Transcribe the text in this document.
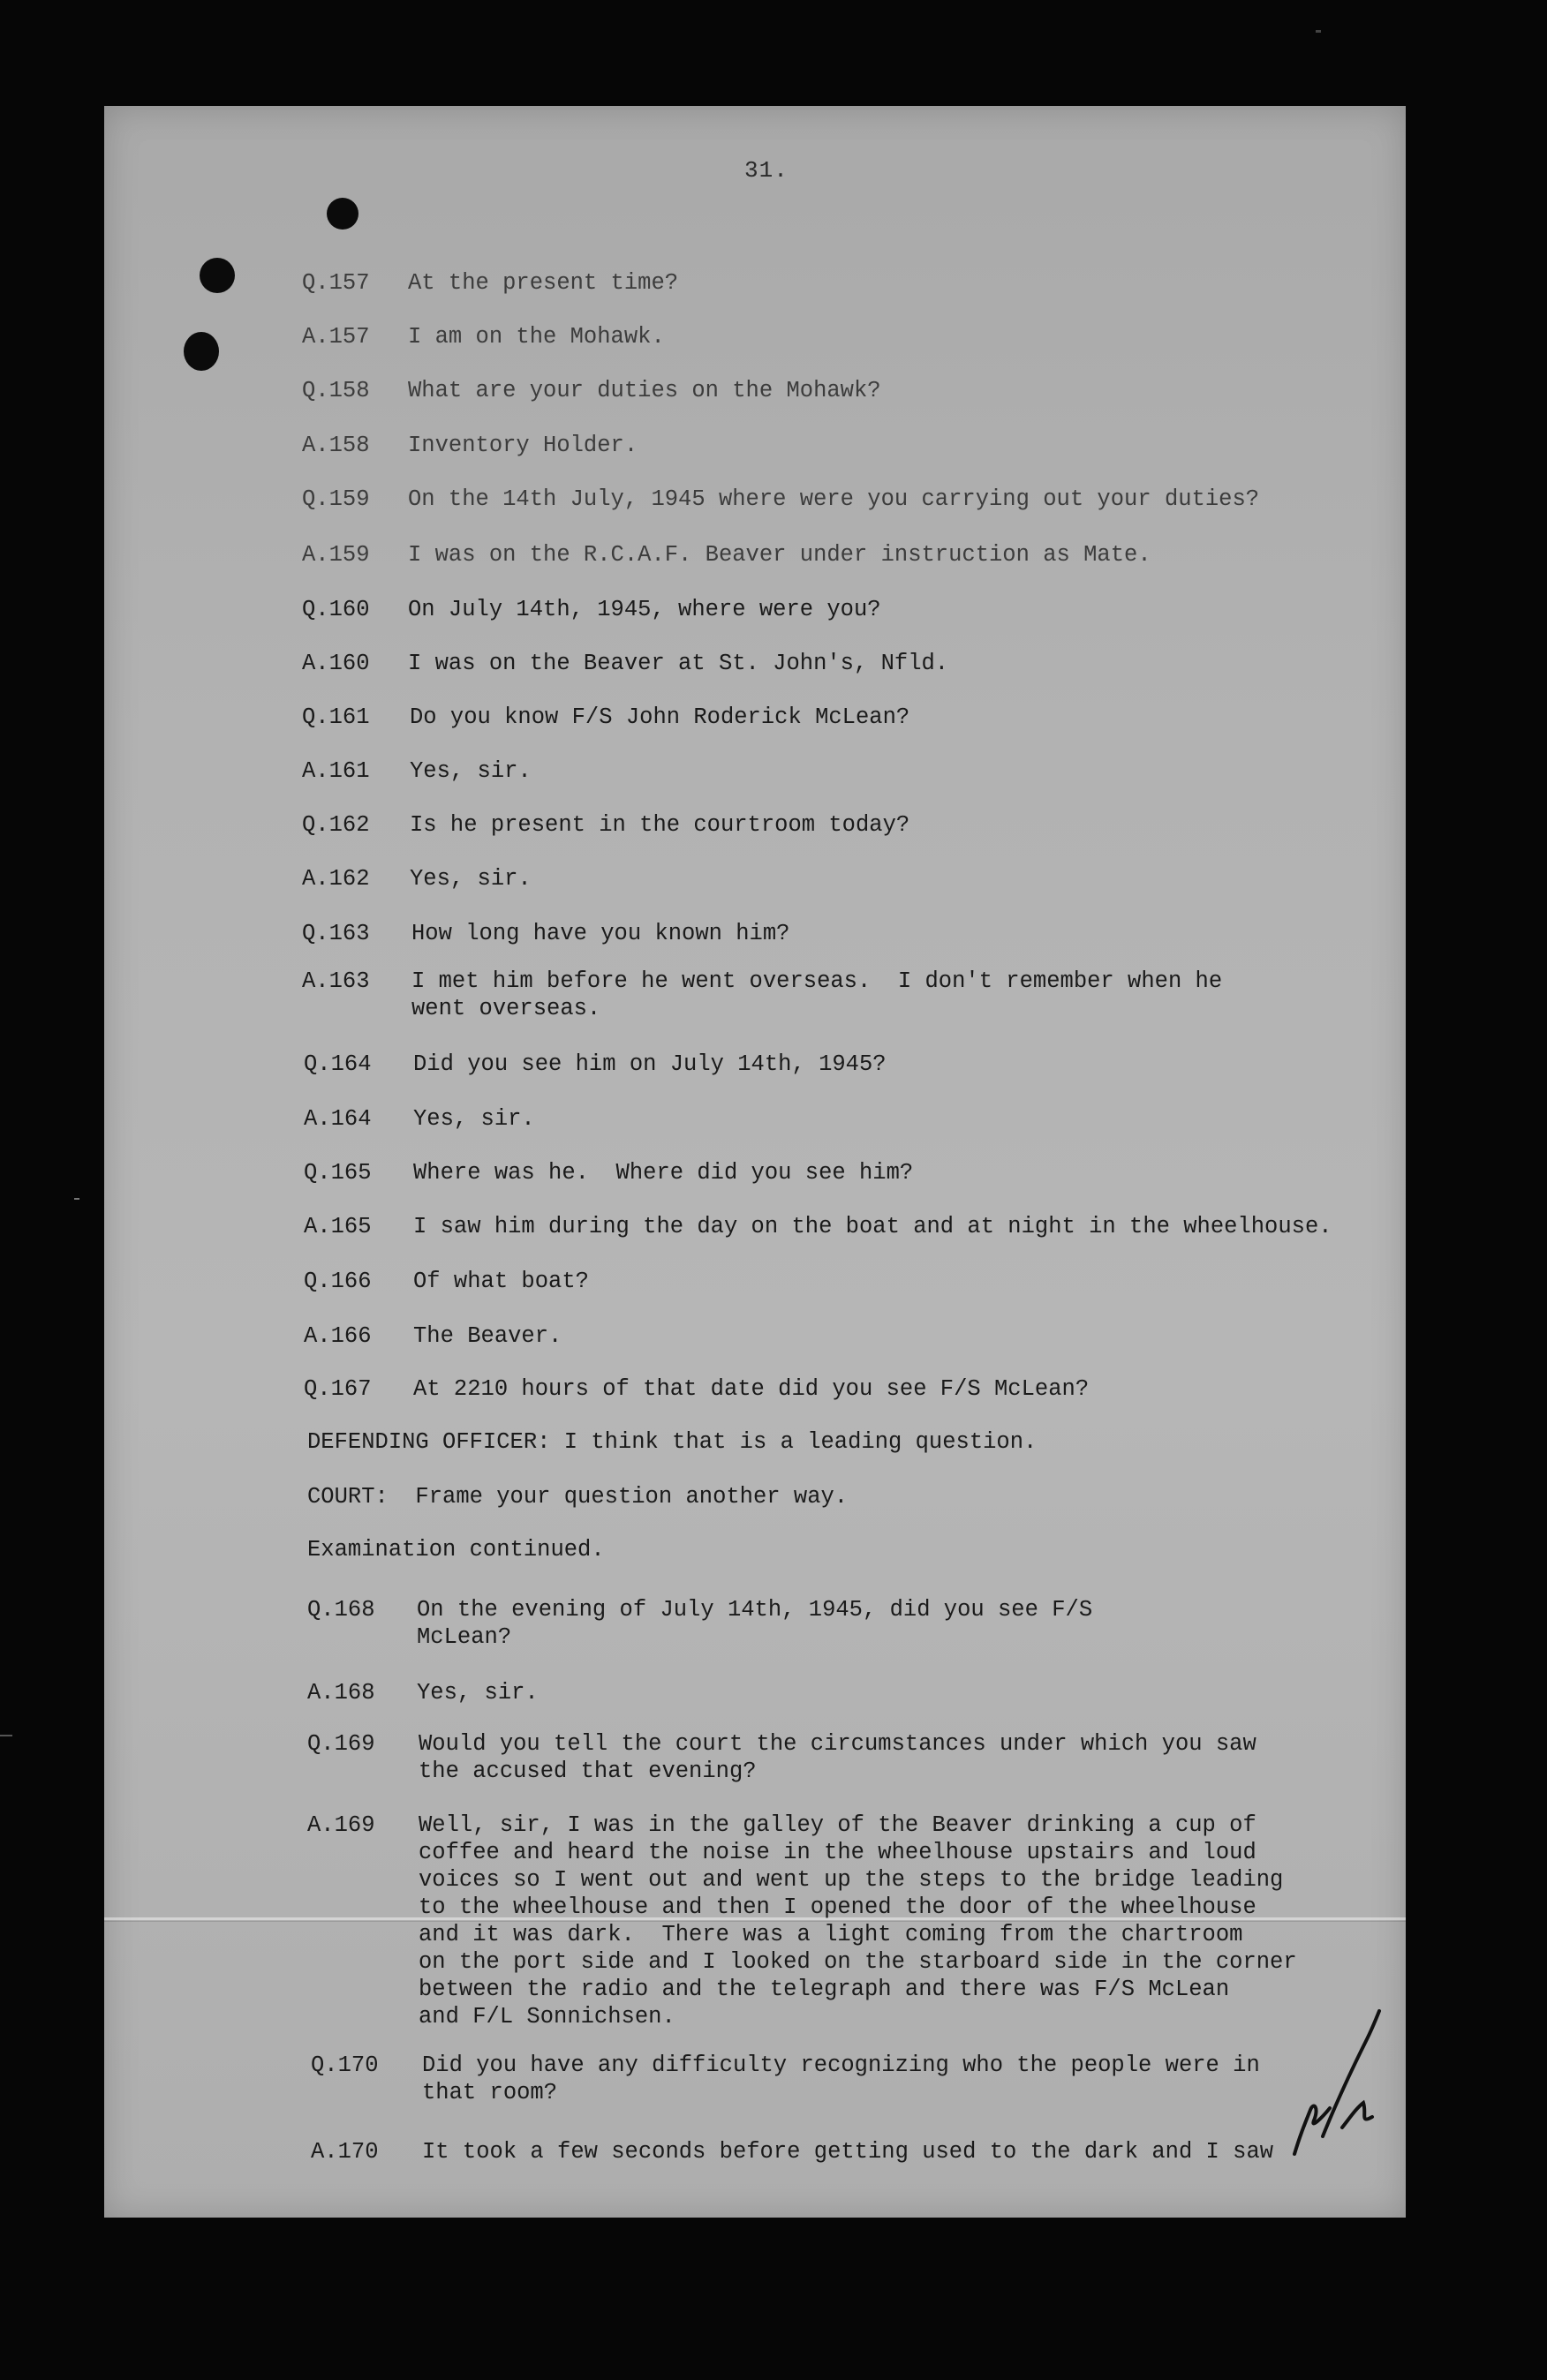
31.
Q.157 At the present time?
A.157 I am on the Mohawk.
Q.158 What are your duties on the Mohawk?
A.158 Inventory Holder.
Q.159 On the 14th July, 1945 where were you carrying out your duties?
A.159 I was on the R.C.A.F. Beaver under instruction as Mate.
Q.160 On July 14th, 1945, where were you?
A.160 I was on the Beaver at St. John's, Nfld.
Q.161 Do you know F/S John Roderick McLean?
A.161 Yes, sir.
Q.162 Is he present in the courtroom today?
A.162 Yes, sir.
Q.163 How long have you known him?
A.163 I met him before he went overseas.  I don't remember when he
went overseas.
Q.164 Did you see him on July 14th, 1945?
A.164 Yes, sir.
Q.165 Where was he.  Where did you see him?
A.165 I saw him during the day on the boat and at night in the wheelhouse.
Q.166 Of what boat?
A.166 The Beaver.
Q.167 At 2210 hours of that date did you see F/S McLean?
DEFENDING OFFICER: I think that is a leading question.
COURT:  Frame your question another way.
Examination continued.
Q.168 On the evening of July 14th, 1945, did you see F/S
McLean?
A.168 Yes, sir.
Q.169 Would you tell the court the circumstances under which you saw
the accused that evening?
A.169 Well, sir, I was in the galley of the Beaver drinking a cup of
coffee and heard the noise in the wheelhouse upstairs and loud
voices so I went out and went up the steps to the bridge leading
to the wheelhouse and then I opened the door of the wheelhouse
and it was dark.  There was a light coming from the chartroom
on the port side and I looked on the starboard side in the corner
between the radio and the telegraph and there was F/S McLean
and F/L Sonnichsen.
Q.170 Did you have any difficulty recognizing who the people were in
that room?
A.170 It took a few seconds before getting used to the dark and I saw
